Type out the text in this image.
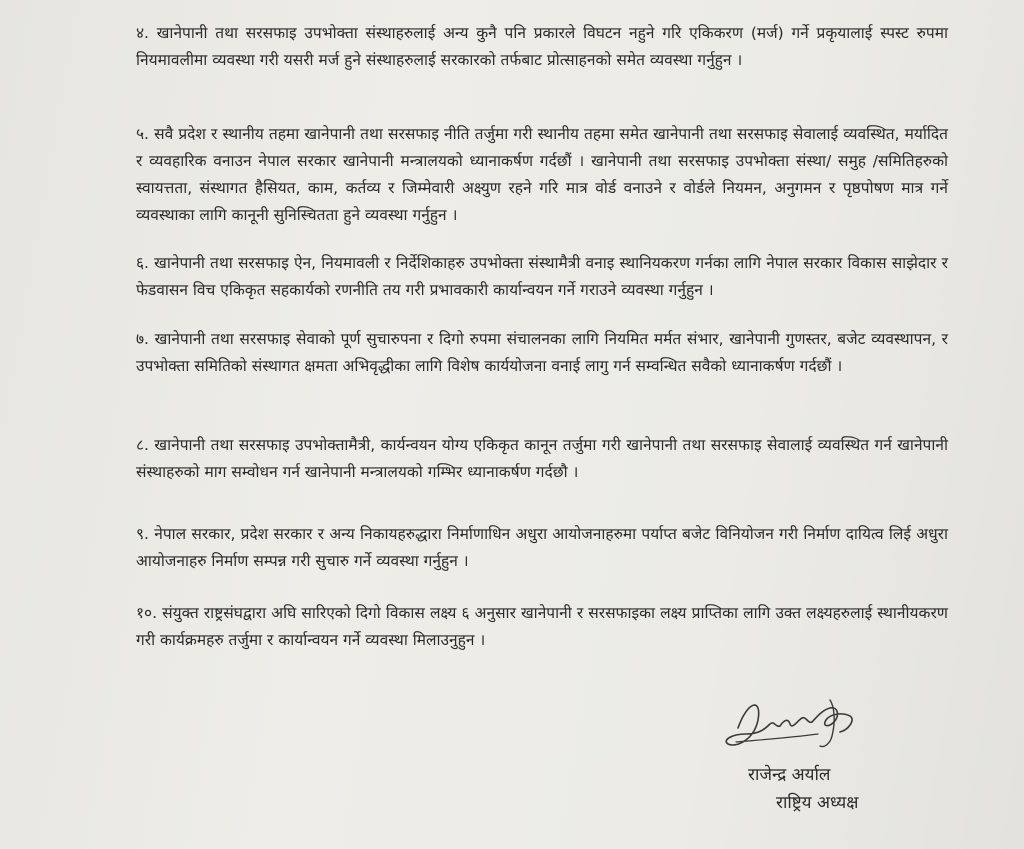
४. खानेपानी तथा सरसफाइ उपभोक्ता संस्थाहरुलाई अन्य कुनै पनि प्रकारले विघटन नहुने गरि एकिकरण (मर्ज) गर्ने प्रकृयालाई स्पस्ट रुपमा नियमावलीमा व्यवस्था गरी यसरी मर्ज हुने संस्थाहरुलाई सरकारको तर्फबाट प्रोत्साहनको समेत व्यवस्था गर्नुहुन ।

५. सवै प्रदेश र स्थानीय तहमा खानेपानी तथा सरसफाइ नीति तर्जुमा गरी स्थानीय तहमा समेत खानेपानी तथा सरसफाइ सेवालाई व्यवस्थित, मर्यादित र व्यवहारिक वनाउन नेपाल सरकार खानेपानी मन्त्रालयको ध्यानाकर्षण गर्दछौं । खानेपानी तथा सरसफाइ उपभोक्ता संस्था/ समुह /समितिहरुको स्वायत्तता, संस्थागत हैसियत, काम, कर्तव्य र जिम्मेवारी अक्ष्युण रहने गरि मात्र वोर्ड वनाउने र वोर्डले नियमन, अनुगमन र पृष्ठपोषण मात्र गर्ने व्यवस्थाका लागि कानूनी सुनिस्चितता हुने व्यवस्था गर्नुहुन ।

६. खानेपानी तथा सरसफाइ ऐन, नियमावली र निर्देशिकाहरु उपभोक्ता संस्थामैत्री वनाइ स्थानियकरण गर्नका लागि नेपाल सरकार विकास साझेदार र फेडवासन विच एकिकृत सहकार्यको रणनीति तय गरी प्रभावकारी कार्यान्वयन गर्ने गराउने व्यवस्था गर्नुहुन ।

७. खानेपानी तथा सरसफाइ सेवाको पूर्ण सुचारुपना र दिगो रुपमा संचालनका लागि नियमित मर्मत संभार, खानेपानी गुणस्तर, बजेट व्यवस्थापन, र उपभोक्ता समितिको संस्थागत क्षमता अभिवृद्धीका लागि विशेष कार्ययोजना वनाई लागु गर्न सम्वन्धित सवैको ध्यानाकर्षण गर्दछौं ।

८. खानेपानी तथा सरसफाइ उपभोक्तामैत्री, कार्यन्वयन योग्य एकिकृत कानून तर्जुमा गरी खानेपानी तथा सरसफाइ सेवालाई व्यवस्थित गर्न खानेपानी संस्थाहरुको माग सम्वोधन गर्न खानेपानी मन्त्रालयको गम्भिर ध्यानाकर्षण गर्दछौ ।

९. नेपाल सरकार, प्रदेश सरकार र अन्य निकायहरुद्धारा निर्माणाधिन अधुरा आयोजनाहरुमा पर्याप्त बजेट विनियोजन गरी निर्माण दायित्व लिई अधुरा आयोजनाहरु निर्माण सम्पन्न गरी सुचारु गर्ने व्यवस्था गर्नुहुन ।

१०. संयुक्त राष्ट्रसंघद्वारा अघि सारिएको दिगो विकास लक्ष्य ६ अनुसार खानेपानी र सरसफाइका लक्ष्य प्राप्तिका लागि उक्त लक्ष्यहरुलाई स्थानीयकरण गरी कार्यक्रमहरु तर्जुमा र कार्यान्वयन गर्ने व्यवस्था मिलाउनुहुन ।

राजेन्द्र अर्याल
राष्ट्रिय अध्यक्ष
